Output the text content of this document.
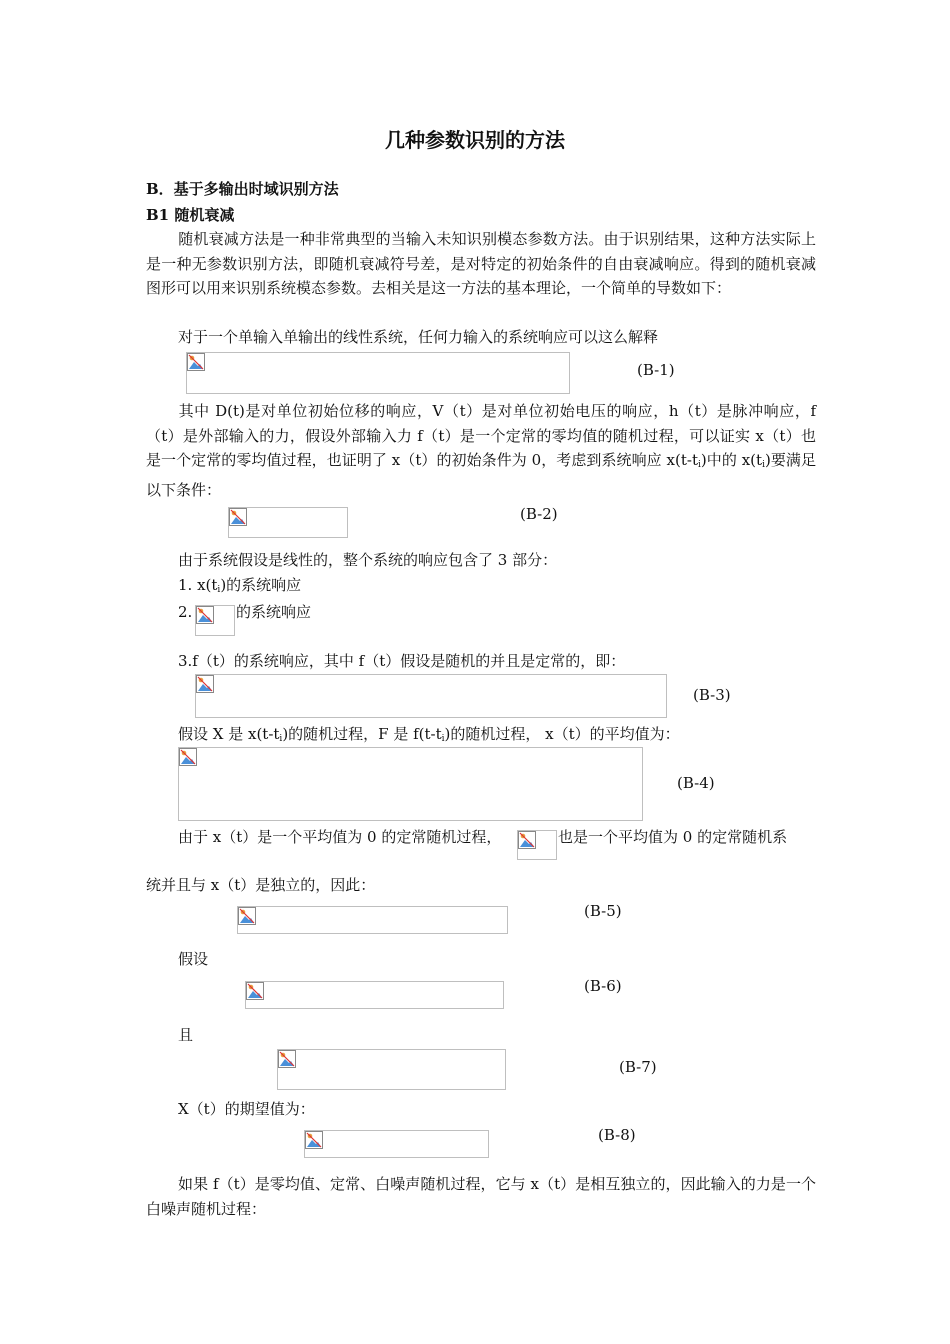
几种参数识别的方法
B．基于多输出时域识别方法
B1 随机衰减
随机衰减方法是一种非常典型的当输入未知识别模态参数方法。由于识别结果，这种方法实际上是一种无参数识别方法，即随机衰减符号差，是对特定的初始条件的自由衰减响应。得到的随机衰减图形可以用来识别系统模态参数。去相关是这一方法的基本理论，一个简单的导数如下：
对于一个单输入单输出的线性系统，任何力输入的系统响应可以这么解释
(B-1)
其中 D(t)是对单位初始位移的响应，V（t）是对单位初始电压的响应，h（t）是脉冲响应，f（t）是外部输入的力，假设外部输入力 f（t）是一个定常的零均值的随机过程，可以证实 x（t）也是一个定常的零均值过程，也证明了 x（t）的初始条件为 0，考虑到系统响应 $x(t-t_i)$中的 $x(t_i)$要满足以下条件：
(B-2)
由于系统假设是线性的，整个系统的响应包含了 3 部分：
1. $x(t_i)$的系统响应
2.	的系统响应
3.f（t）的系统响应，其中 f（t）假设是随机的并且是定常的，即：
(B-3)
假设 X 是 $x(t-t_i)$的随机过程，F 是 $f(t-t_i)$的随机过程， x（t）的平均值为：
(B-4)
由于 x（t）是一个平均值为 0 的定常随机过程，	也是一个平均值为 0 的定常随机系
统并且与 x（t）是独立的，因此：
(B-5)
假设
(B-6)
且
(B-7)
X（t）的期望值为：
(B-8)
如果 f（t）是零均值、定常、白噪声随机过程，它与 x（t）是相互独立的，因此输入的力是一个白噪声随机过程：
